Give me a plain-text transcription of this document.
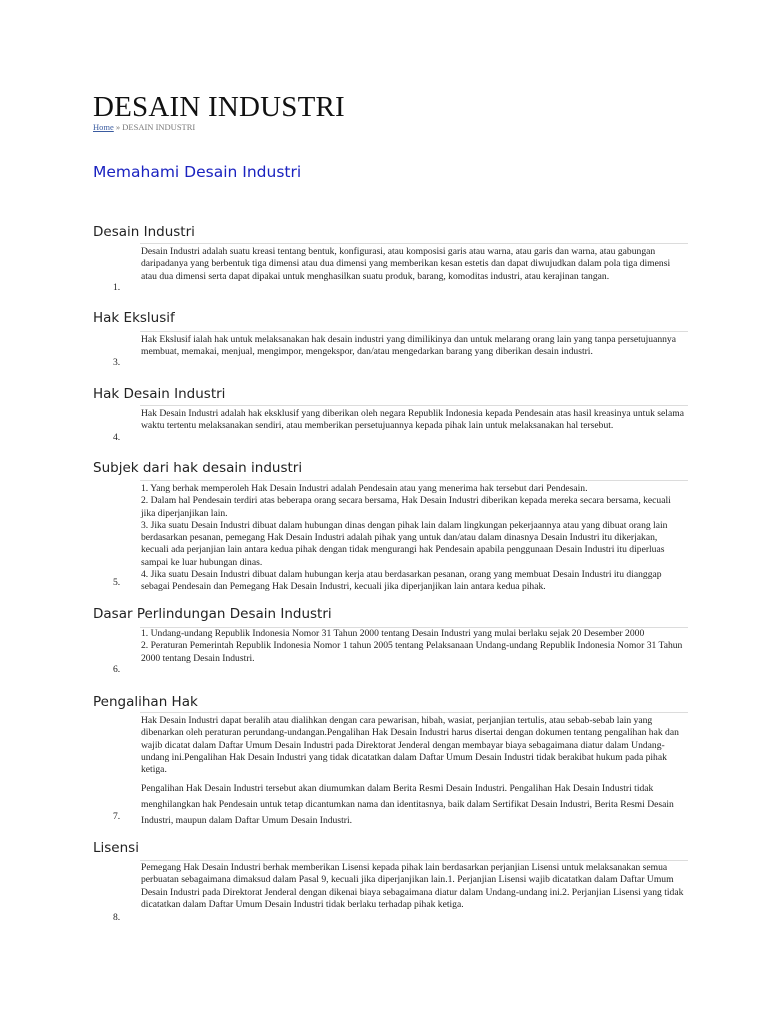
DESAIN INDUSTRI
Home » DESAIN INDUSTRI
Memahami Desain Industri
Desain Industri

Desain Industri adalah suatu kreasi tentang bentuk, konfigurasi, atau komposisi garis atau warna, atau garis dan warna, atau gabungan daripadanya yang berbentuk tiga dimensi atau dua dimensi yang memberikan kesan estetis dan dapat diwujudkan dalam pola tiga dimensi atau dua dimensi serta dapat dipakai untuk menghasilkan suatu produk, barang, komoditas industri, atau kerajinan tangan.

1.
Hak Ekslusif

Hak Ekslusif ialah hak untuk melaksanakan hak desain industri yang dimilikinya dan untuk melarang orang lain yang tanpa persetujuannya membuat, memakai, menjual, mengimpor, mengekspor, dan/atau mengedarkan barang yang diberikan desain industri.

3.
Hak Desain Industri

Hak Desain Industri adalah hak eksklusif yang diberikan oleh negara Republik Indonesia kepada Pendesain atas hasil kreasinya untuk selama waktu tertentu melaksanakan sendiri, atau memberikan persetujuannya kepada pihak lain untuk melaksanakan hal tersebut.

4.
Subjek dari hak desain industri

1. Yang berhak memperoleh Hak Desain Industri adalah Pendesain atau yang menerima hak tersebut dari Pendesain.

2. Dalam hal Pendesain terdiri atas beberapa orang secara bersama, Hak Desain Industri diberikan kepada mereka secara bersama, kecuali jika diperjanjikan lain.

3. Jika suatu Desain Industri dibuat dalam hubungan dinas dengan pihak lain dalam lingkungan pekerjaannya atau yang dibuat orang lain berdasarkan pesanan, pemegang Hak Desain Industri adalah pihak yang untuk dan/atau dalam dinasnya Desain Industri itu dikerjakan, kecuali ada perjanjian lain antara kedua pihak dengan tidak mengurangi hak Pendesain apabila penggunaan Desain Industri itu diperluas sampai ke luar hubungan dinas.

4. Jika suatu Desain Industri dibuat dalam hubungan kerja atau berdasarkan pesanan, orang yang membuat Desain Industri itu dianggap sebagai Pendesain dan Pemegang Hak Desain Industri, kecuali jika diperjanjikan lain antara kedua pihak.

5.
Dasar Perlindungan Desain Industri

1. Undang-undang Republik Indonesia Nomor 31 Tahun 2000 tentang Desain Industri yang mulai berlaku sejak 20 Desember 2000

2. Peraturan Pemerintah Republik Indonesia Nomor 1 tahun 2005 tentang Pelaksanaan Undang-undang Republik Indonesia Nomor 31 Tahun 2000 tentang Desain Industri.

6.
Pengalihan Hak

Hak Desain Industri dapat beralih atau dialihkan dengan cara pewarisan, hibah, wasiat, perjanjian tertulis, atau sebab-sebab lain yang dibenarkan oleh peraturan perundang-undangan.Pengalihan Hak Desain Industri harus disertai dengan dokumen tentang pengalihan hak dan wajib dicatat dalam Daftar Umum Desain Industri pada Direktorat Jenderal dengan membayar biaya sebagaimana diatur dalam Undang-undang ini.Pengalihan Hak Desain Industri yang tidak dicatatkan dalam Daftar Umum Desain Industri tidak berakibat hukum pada pihak ketiga.

Pengalihan Hak Desain Industri tersebut akan diumumkan dalam Berita Resmi Desain Industri. Pengalihan Hak Desain Industri tidak menghilangkan hak Pendesain untuk tetap dicantumkan nama dan identitasnya, baik dalam Sertifikat Desain Industri, Berita Resmi Desain Industri, maupun dalam Daftar Umum Desain Industri.

7.
Lisensi

Pemegang Hak Desain Industri berhak memberikan Lisensi kepada pihak lain berdasarkan perjanjian Lisensi untuk melaksanakan semua perbuatan sebagaimana dimaksud dalam Pasal 9, kecuali jika diperjanjikan lain.1. Perjanjian Lisensi wajib dicatatkan dalam Daftar Umum Desain Industri pada Direktorat Jenderal dengan dikenai biaya sebagaimana diatur dalam Undang-undang ini.2. Perjanjian Lisensi yang tidak dicatatkan dalam Daftar Umum Desain Industri tidak berlaku terhadap pihak ketiga.

8.
